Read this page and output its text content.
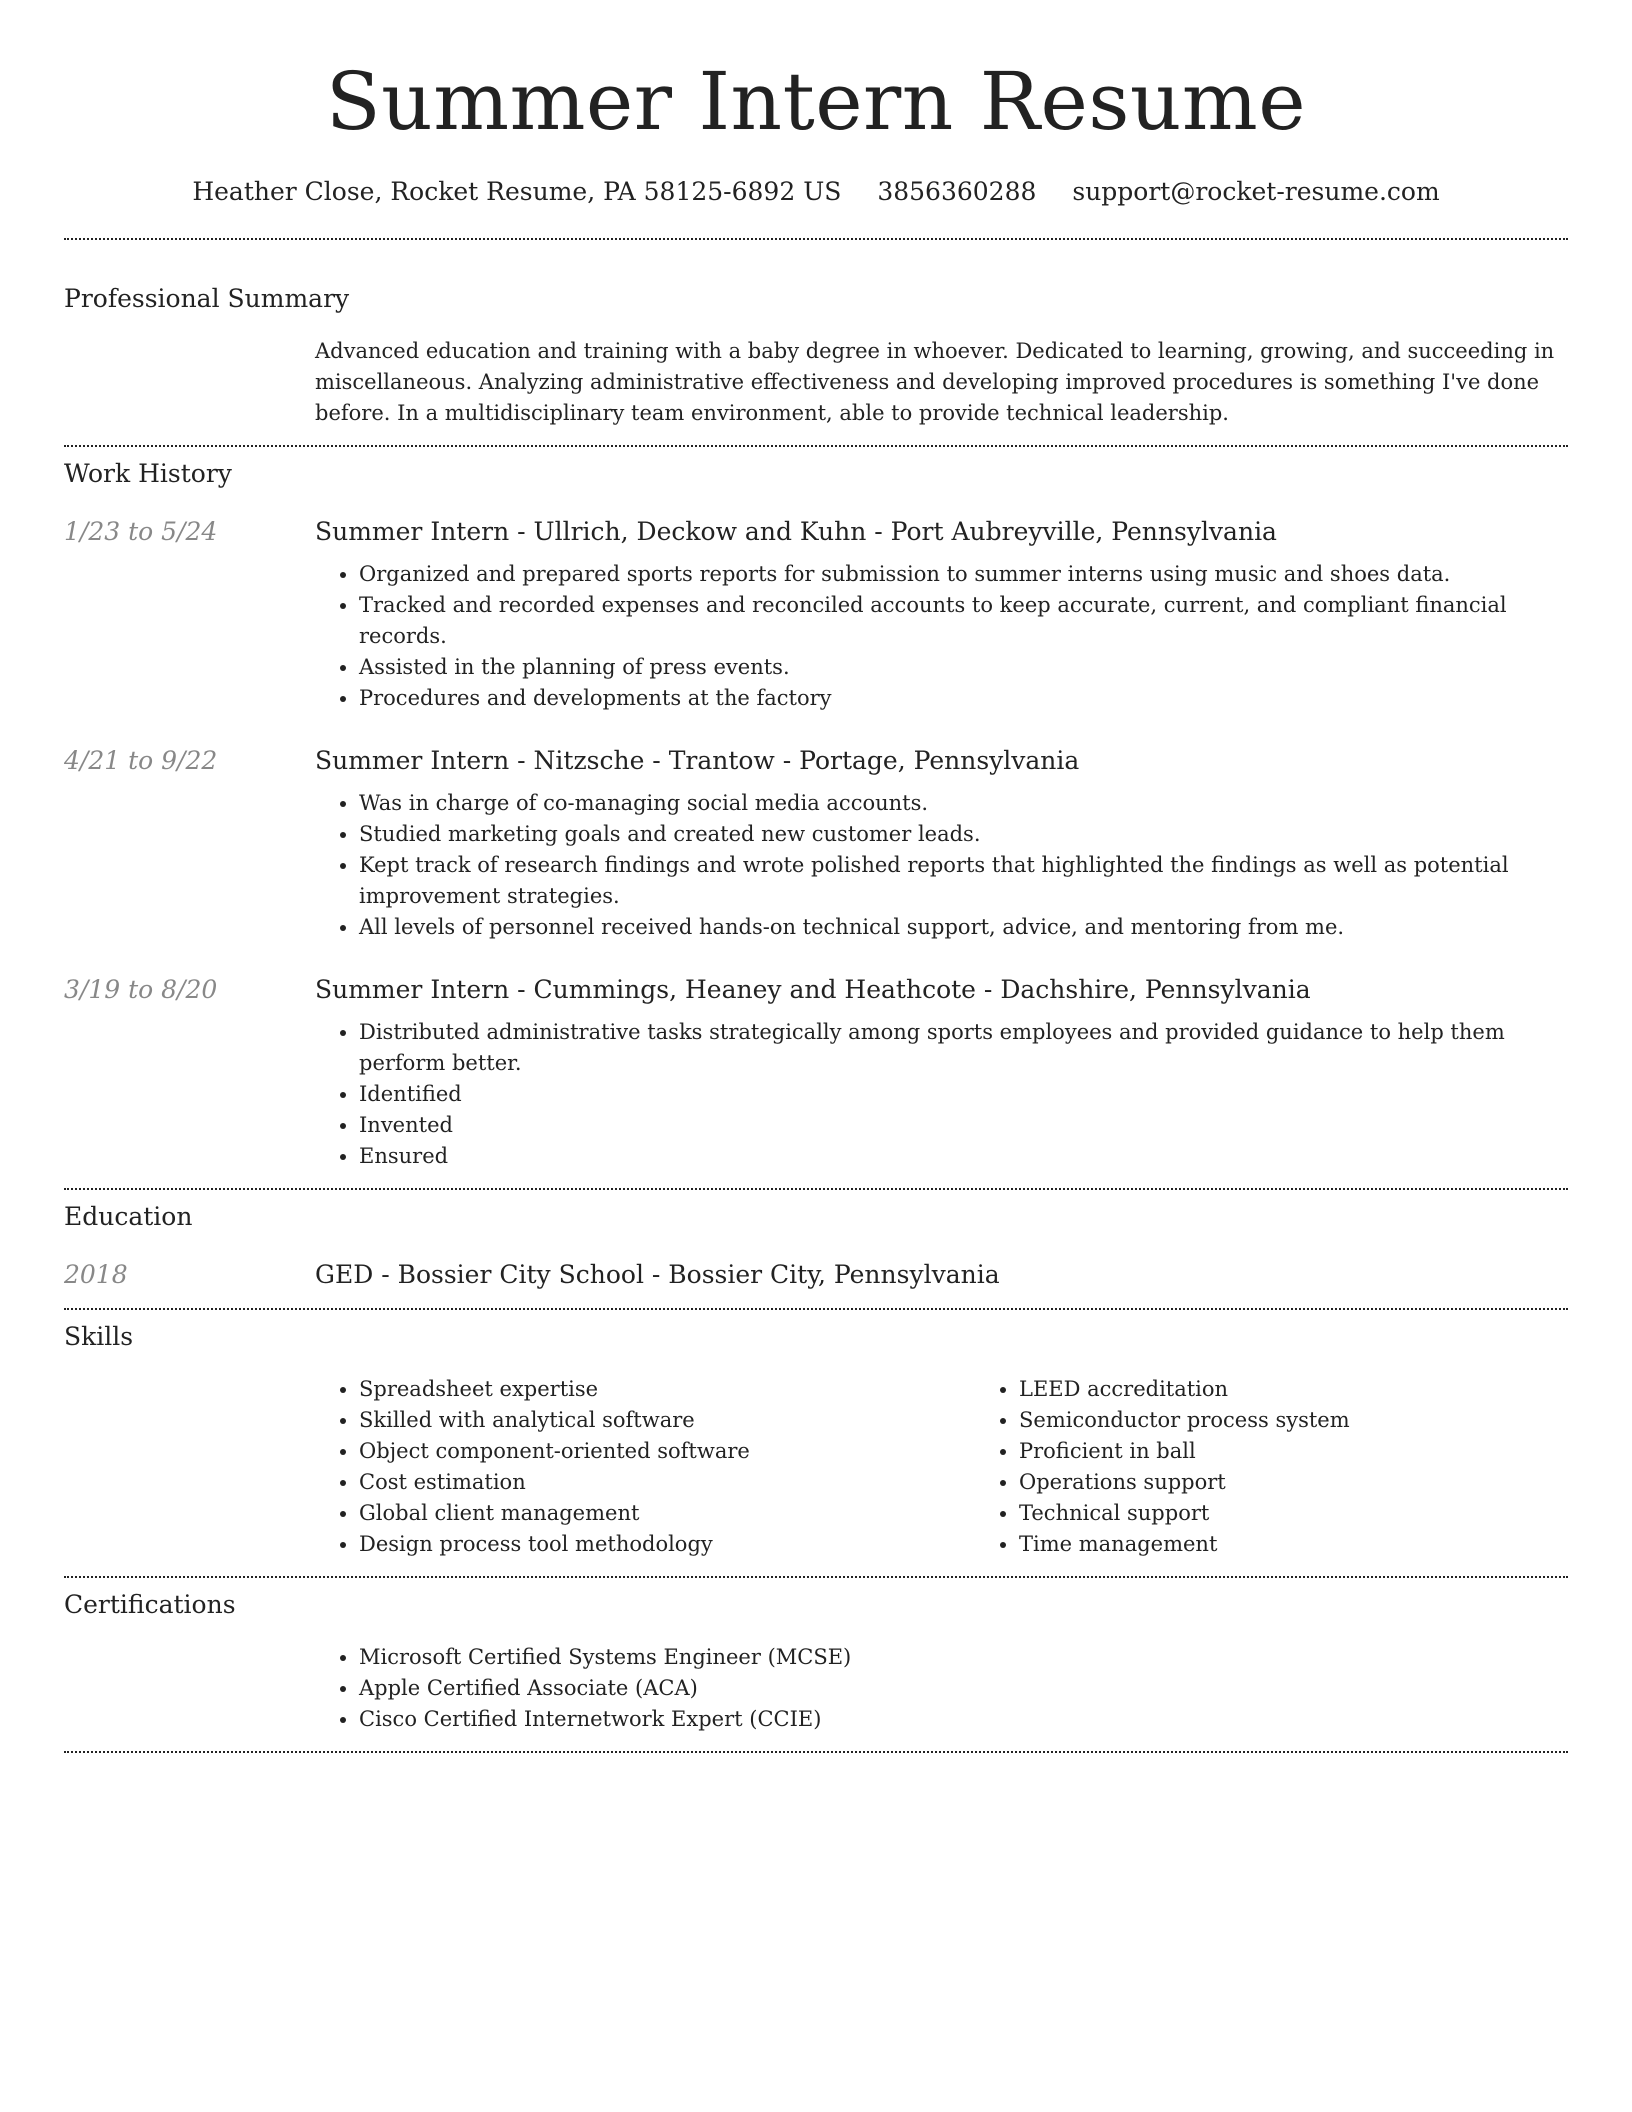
Summer Intern Resume
Heather Close, Rocket Resume, PA 58125-6892 US 3856360288 support@rocket-resume.com
Professional Summary
Advanced education and training with a baby degree in whoever. Dedicated to learning, growing, and succeeding in miscellaneous. Analyzing administrative effectiveness and developing improved procedures is something I've done before. In a multidisciplinary team environment, able to provide technical leadership.
Work History
1/23 to 5/24	Summer Intern - Ullrich, Deckow and Kuhn - Port Aubreyville, Pennsylvania
• Organized and prepared sports reports for submission to summer interns using music and shoes data.
• Tracked and recorded expenses and reconciled accounts to keep accurate, current, and compliant financial records.
• Assisted in the planning of press events.
• Procedures and developments at the factory
4/21 to 9/22	Summer Intern - Nitzsche - Trantow - Portage, Pennsylvania
• Was in charge of co-managing social media accounts.
• Studied marketing goals and created new customer leads.
• Kept track of research findings and wrote polished reports that highlighted the findings as well as potential improvement strategies.
• All levels of personnel received hands-on technical support, advice, and mentoring from me.
3/19 to 8/20	Summer Intern - Cummings, Heaney and Heathcote - Dachshire, Pennsylvania
• Distributed administrative tasks strategically among sports employees and provided guidance to help them perform better.
• Identified
• Invented
• Ensured
Education
2018	GED - Bossier City School - Bossier City, Pennsylvania
Skills
• Spreadsheet expertise
• Skilled with analytical software
• Object component-oriented software
• Cost estimation
• Global client management
• Design process tool methodology
• LEED accreditation
• Semiconductor process system
• Proficient in ball
• Operations support
• Technical support
• Time management
Certifications
• Microsoft Certified Systems Engineer (MCSE)
• Apple Certified Associate (ACA)
• Cisco Certified Internetwork Expert (CCIE)
